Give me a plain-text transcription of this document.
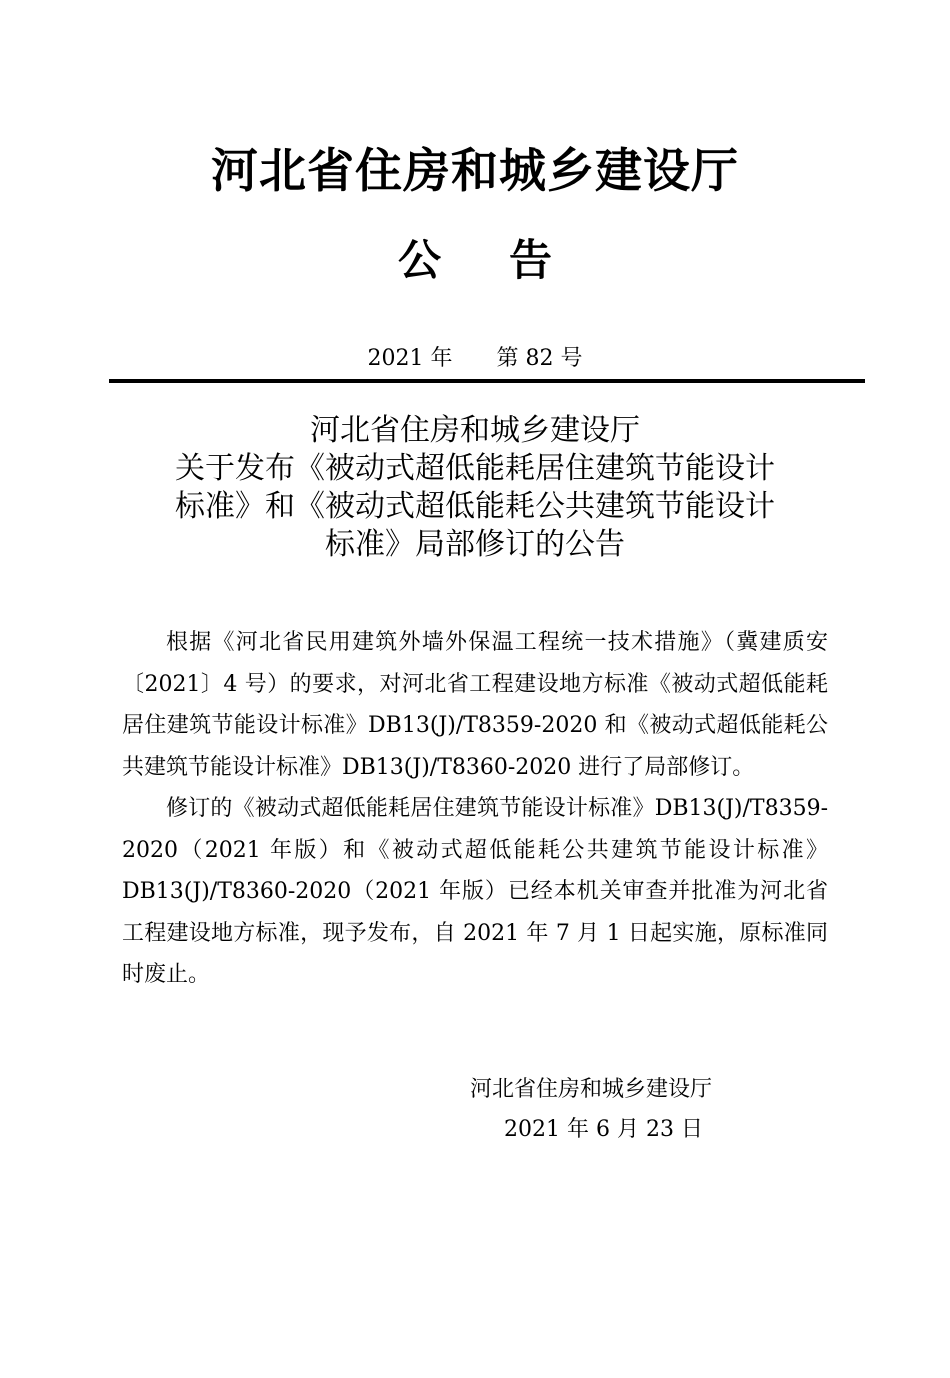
河北省住房和城乡建设厅
公 告
2021 年 第 82 号
河北省住房和城乡建设厅
关于发布《被动式超低能耗居住建筑节能设计
标准》和《被动式超低能耗公共建筑节能设计
标准》局部修订的公告

根据《河北省民用建筑外墙外保温工程统一技术措施》（冀建质安〔2021〕4 号）的要求，对河北省工程建设地方标准《被动式超低能耗居住建筑节能设计标准》DB13(J)/T8359-2020 和《被动式超低能耗公共建筑节能设计标准》DB13(J)/T8360-2020 进行了局部修订。

修订的《被动式超低能耗居住建筑节能设计标准》DB13(J)/T8359-2020（2021 年版）和《被动式超低能耗公共建筑节能设计标准》DB13(J)/T8360-2020（2021 年版）已经本机关审查并批准为河北省工程建设地方标准，现予发布，自 2021 年 7 月 1 日起实施，原标准同时废止。

河北省住房和城乡建设厅
2021 年 6 月 23 日
